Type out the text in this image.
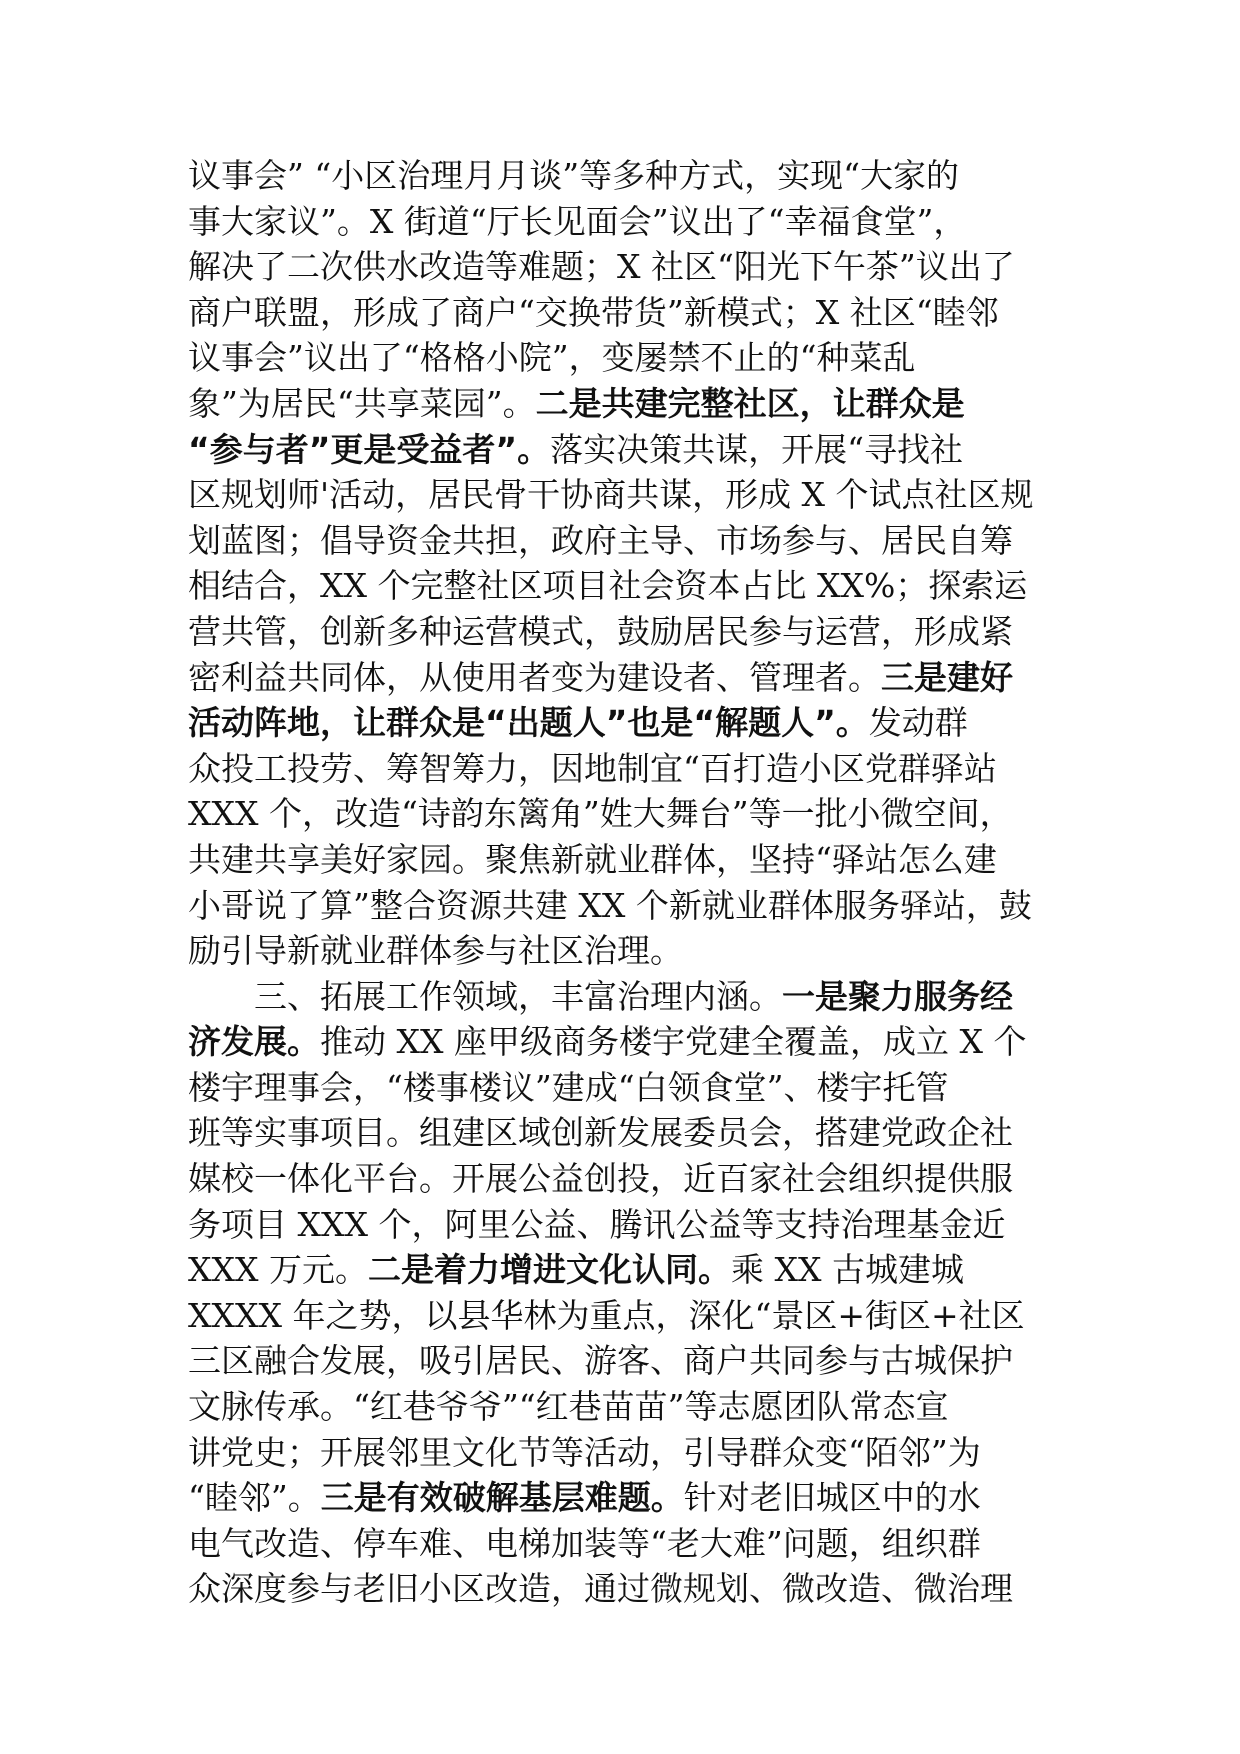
议事会” “小区治理月月谈”等多种方式，实现“大家的
事大家议”。X 街道“厅长见面会”议出了“幸福食堂”，
解决了二次供水改造等难题；X 社区“阳光下午茶”议出了
商户联盟，形成了商户“交换带货”新模式；X 社区“睦邻
议事会”议出了“格格小院”，变屡禁不止的“种菜乱
象”为居民“共享菜园”。二是共建完整社区，让群众是
“参与者”更是受益者”。落实决策共谋，开展“寻找社
区规划师'活动，居民骨干协商共谋，形成 X 个试点社区规
划蓝图；倡导资金共担，政府主导、市场参与、居民自筹
相结合，XX 个完整社区项目社会资本占比 XX%；探索运
营共管，创新多种运营模式，鼓励居民参与运营，形成紧
密利益共同体，从使用者变为建设者、管理者。三是建好
活动阵地，让群众是“出题人”也是“解题人”。发动群
众投工投劳、筹智筹力，因地制宜“百打造小区党群驿站
XXX 个，改造“诗韵东篱角”姓大舞台”等一批小微空间，
共建共享美好家园。聚焦新就业群体，坚持“驿站怎么建
小哥说了算”整合资源共建 XX 个新就业群体服务驿站，鼓
励引导新就业群体参与社区治理。
三、拓展工作领域，丰富治理内涵。一是聚力服务经
济发展。推动 XX 座甲级商务楼宇党建全覆盖，成立 X 个
楼宇理事会，“楼事楼议”建成“白领食堂”、楼宇托管
班等实事项目。组建区域创新发展委员会，搭建党政企社
媒校一体化平台。开展公益创投，近百家社会组织提供服
务项目 XXX 个，阿里公益、腾讯公益等支持治理基金近
XXX 万元。二是着力增进文化认同。乘 XX 古城建城
XXXX 年之势，以县华林为重点，深化“景区+街区+社区
三区融合发展，吸引居民、游客、商户共同参与古城保护
文脉传承。“红巷爷爷”“红巷苗苗”等志愿团队常态宣
讲党史；开展邻里文化节等活动，引导群众变“陌邻”为
“睦邻”。三是有效破解基层难题。针对老旧城区中的水
电气改造、停车难、电梯加装等“老大难”问题，组织群
众深度参与老旧小区改造，通过微规划、微改造、微治理
